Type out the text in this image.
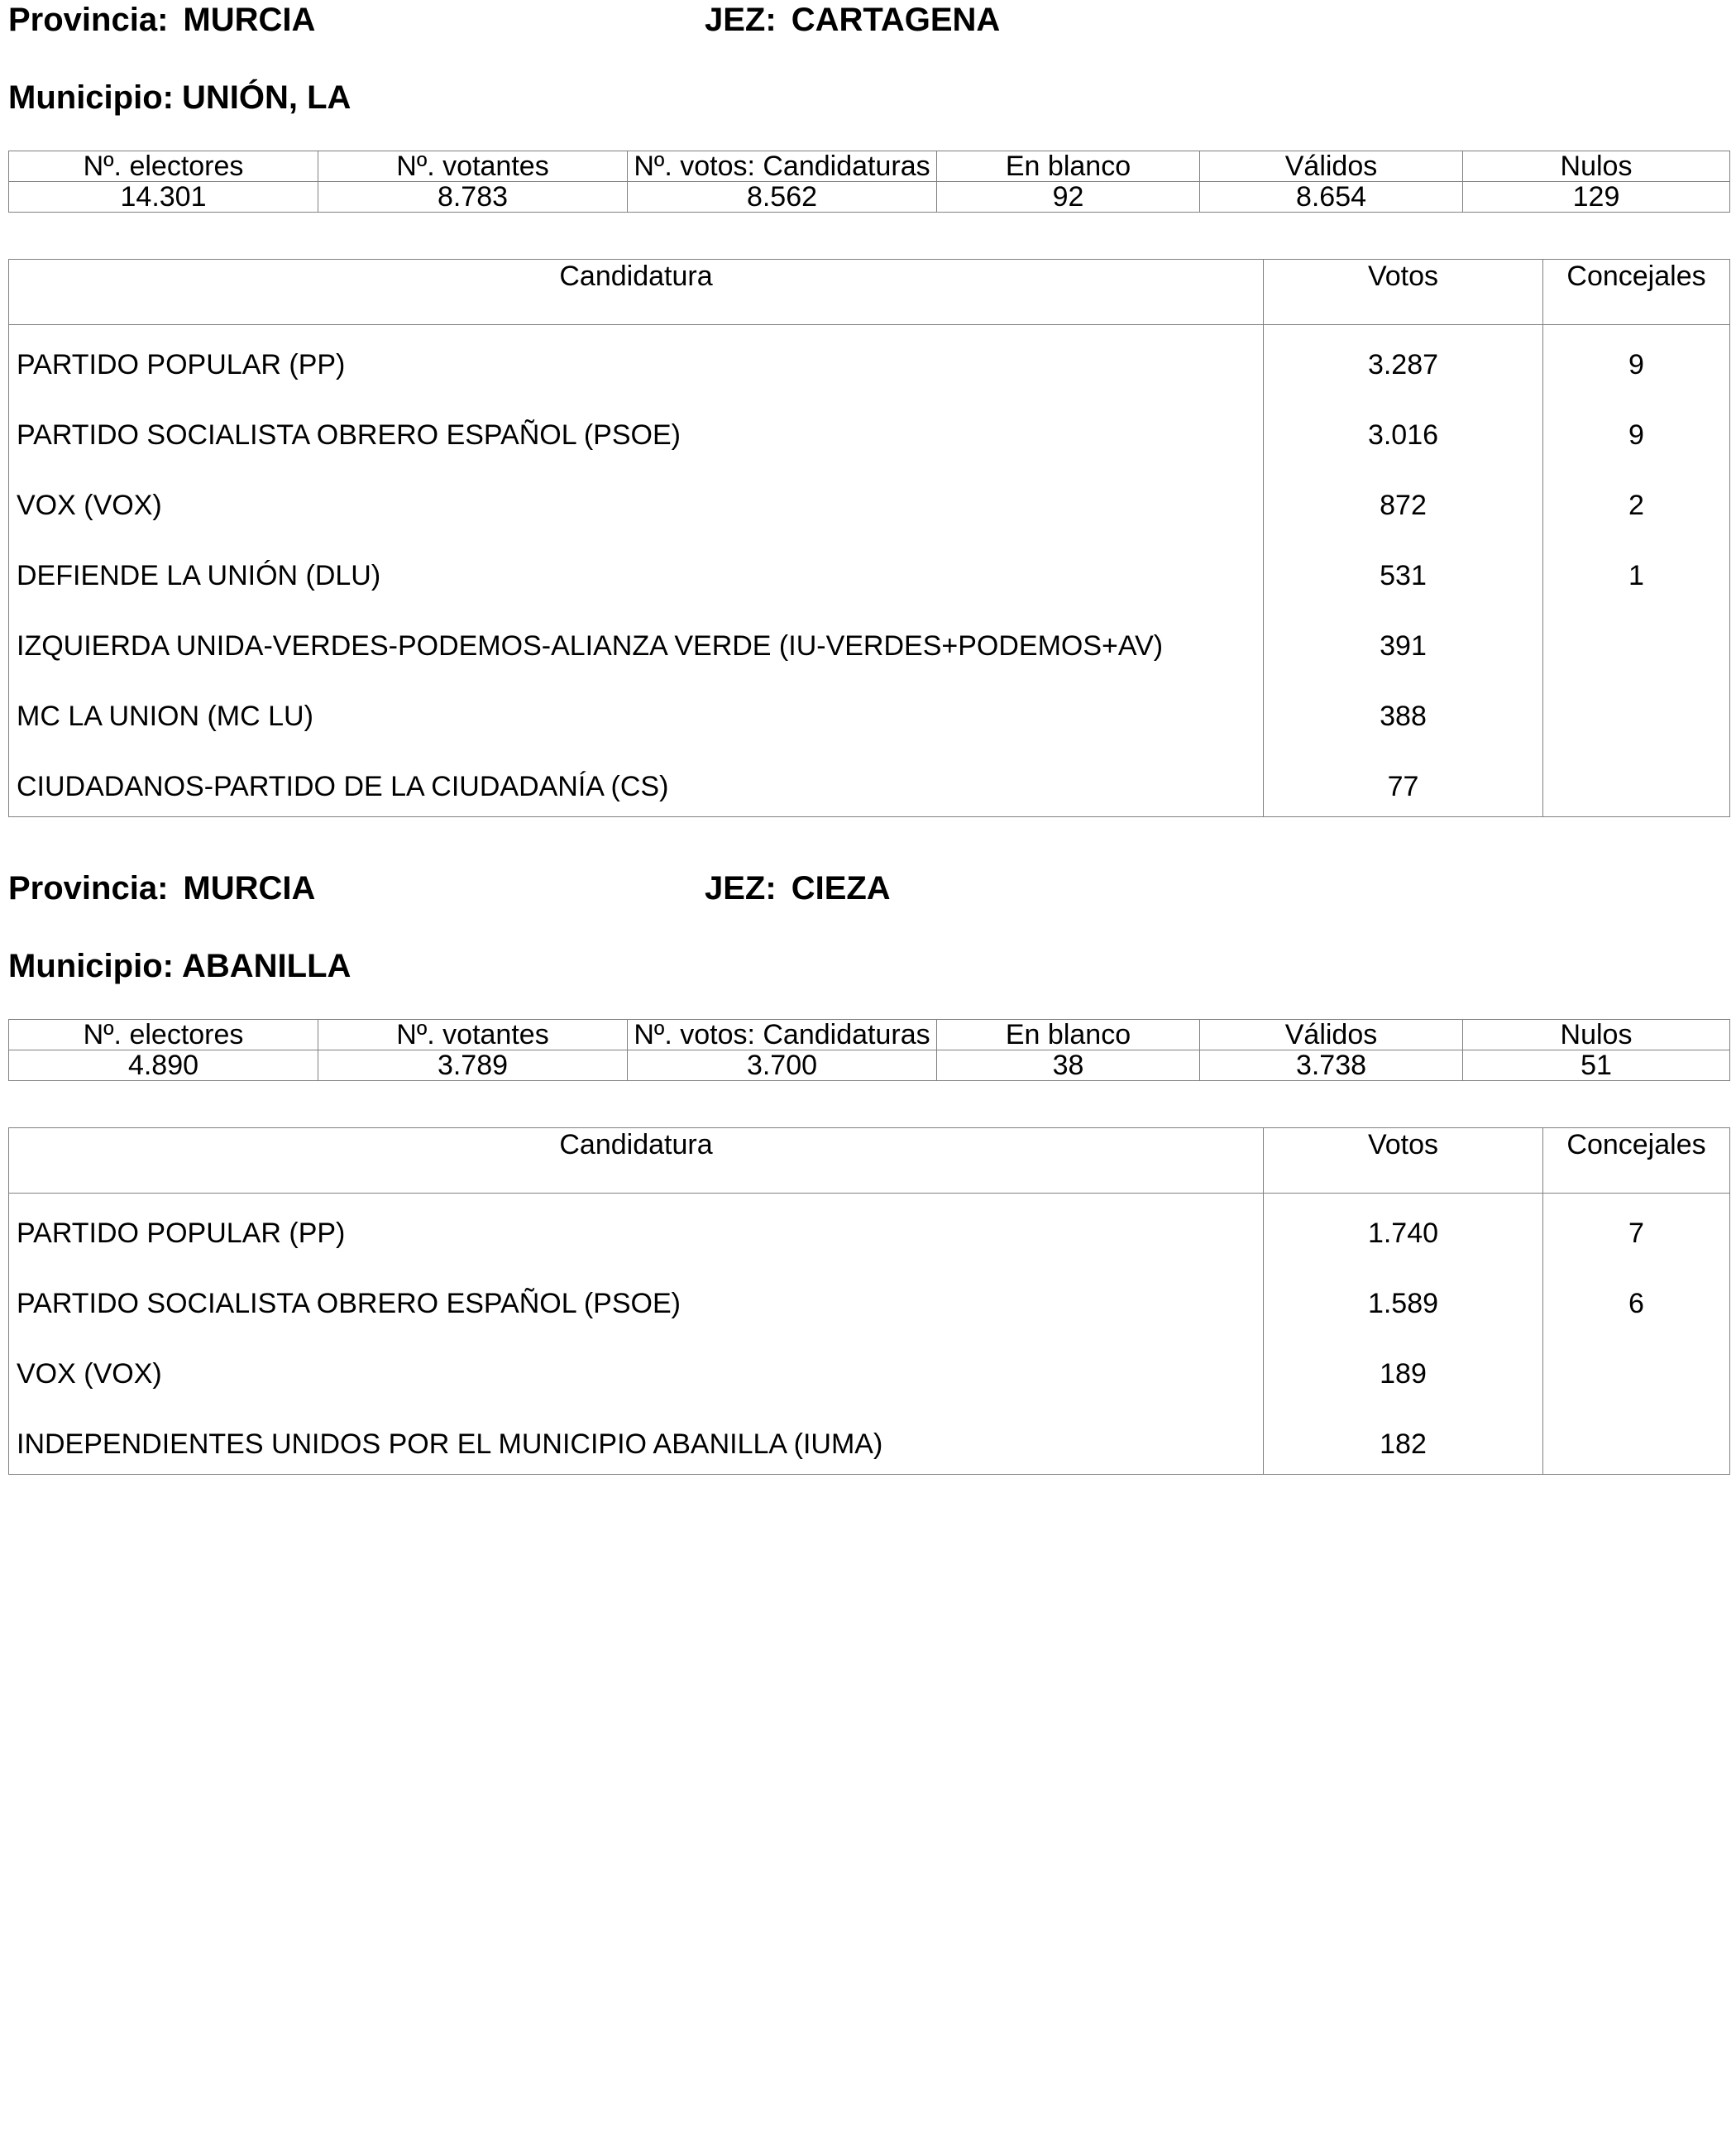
Provincia: MURCIA	JEZ: CARTAGENA
Municipio: UNIÓN, LA
Nº. electores	Nº. votantes	Nº. votos: Candidaturas	En blanco	Válidos	Nulos
14.301	8.783	8.562	92	8.654	129
Candidatura	Votos	Concejales
PARTIDO POPULAR (PP)	3.287	9
PARTIDO SOCIALISTA OBRERO ESPAÑOL (PSOE)	3.016	9
VOX (VOX)	872	2
DEFIENDE LA UNIÓN (DLU)	531	1
IZQUIERDA UNIDA-VERDES-PODEMOS-ALIANZA VERDE (IU-VERDES+PODEMOS+AV)	391	
MC LA UNION (MC LU)	388	
CIUDADANOS-PARTIDO DE LA CIUDADANÍA (CS)	77	
Provincia: MURCIA	JEZ: CIEZA
Municipio: ABANILLA
Nº. electores	Nº. votantes	Nº. votos: Candidaturas	En blanco	Válidos	Nulos
4.890	3.789	3.700	38	3.738	51
Candidatura	Votos	Concejales
PARTIDO POPULAR (PP)	1.740	7
PARTIDO SOCIALISTA OBRERO ESPAÑOL (PSOE)	1.589	6
VOX (VOX)	189	
INDEPENDIENTES UNIDOS POR EL MUNICIPIO ABANILLA (IUMA)	182	
